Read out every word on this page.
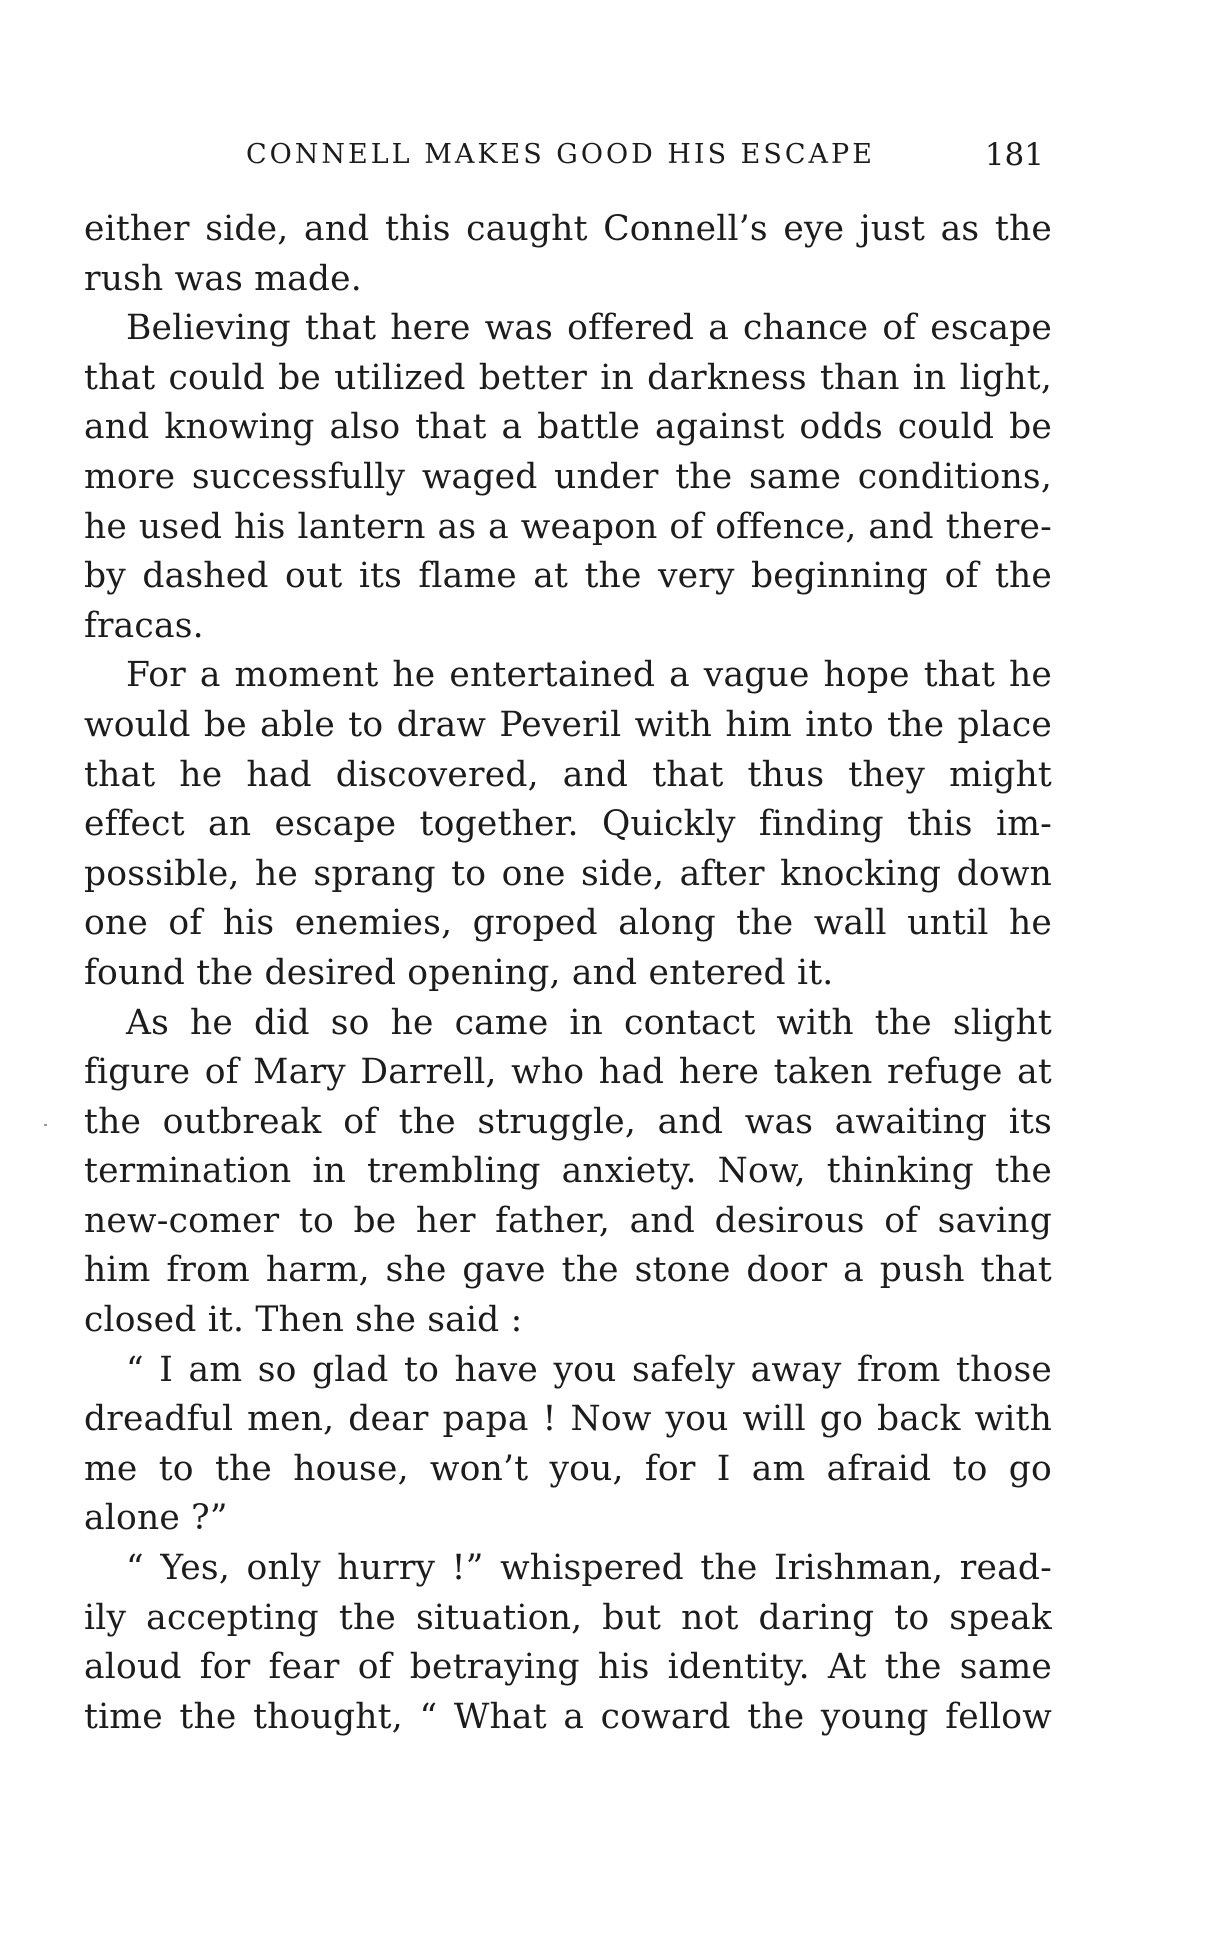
CONNELL MAKES GOOD HIS ESCAPE	181
either side, and this caught Connell’s eye just as the
rush was made.
Believing that here was offered a chance of escape
that could be utilized better in darkness than in light,
and knowing also that a battle against odds could be
more successfully waged under the same conditions,
he used his lantern as a weapon of offence, and there-
by dashed out its flame at the very beginning of the
fracas.
For a moment he entertained a vague hope that he
would be able to draw Peveril with him into the place
that he had discovered, and that thus they might
effect an escape together. Quickly finding this im-
possible, he sprang to one side, after knocking down
one of his enemies, groped along the wall until he
found the desired opening, and entered it.
As he did so he came in contact with the slight
figure of Mary Darrell, who had here taken refuge at
the outbreak of the struggle, and was awaiting its
termination in trembling anxiety. Now, thinking the
new-comer to be her father, and desirous of saving
him from harm, she gave the stone door a push that
closed it. Then she said :
“ I am so glad to have you safely away from those
dreadful men, dear papa ! Now you will go back with
me to the house, won’t you, for I am afraid to go
alone ?”
“ Yes, only hurry !” whispered the Irishman, read-
ily accepting the situation, but not daring to speak
aloud for fear of betraying his identity. At the same
time the thought, “ What a coward the young fellow
